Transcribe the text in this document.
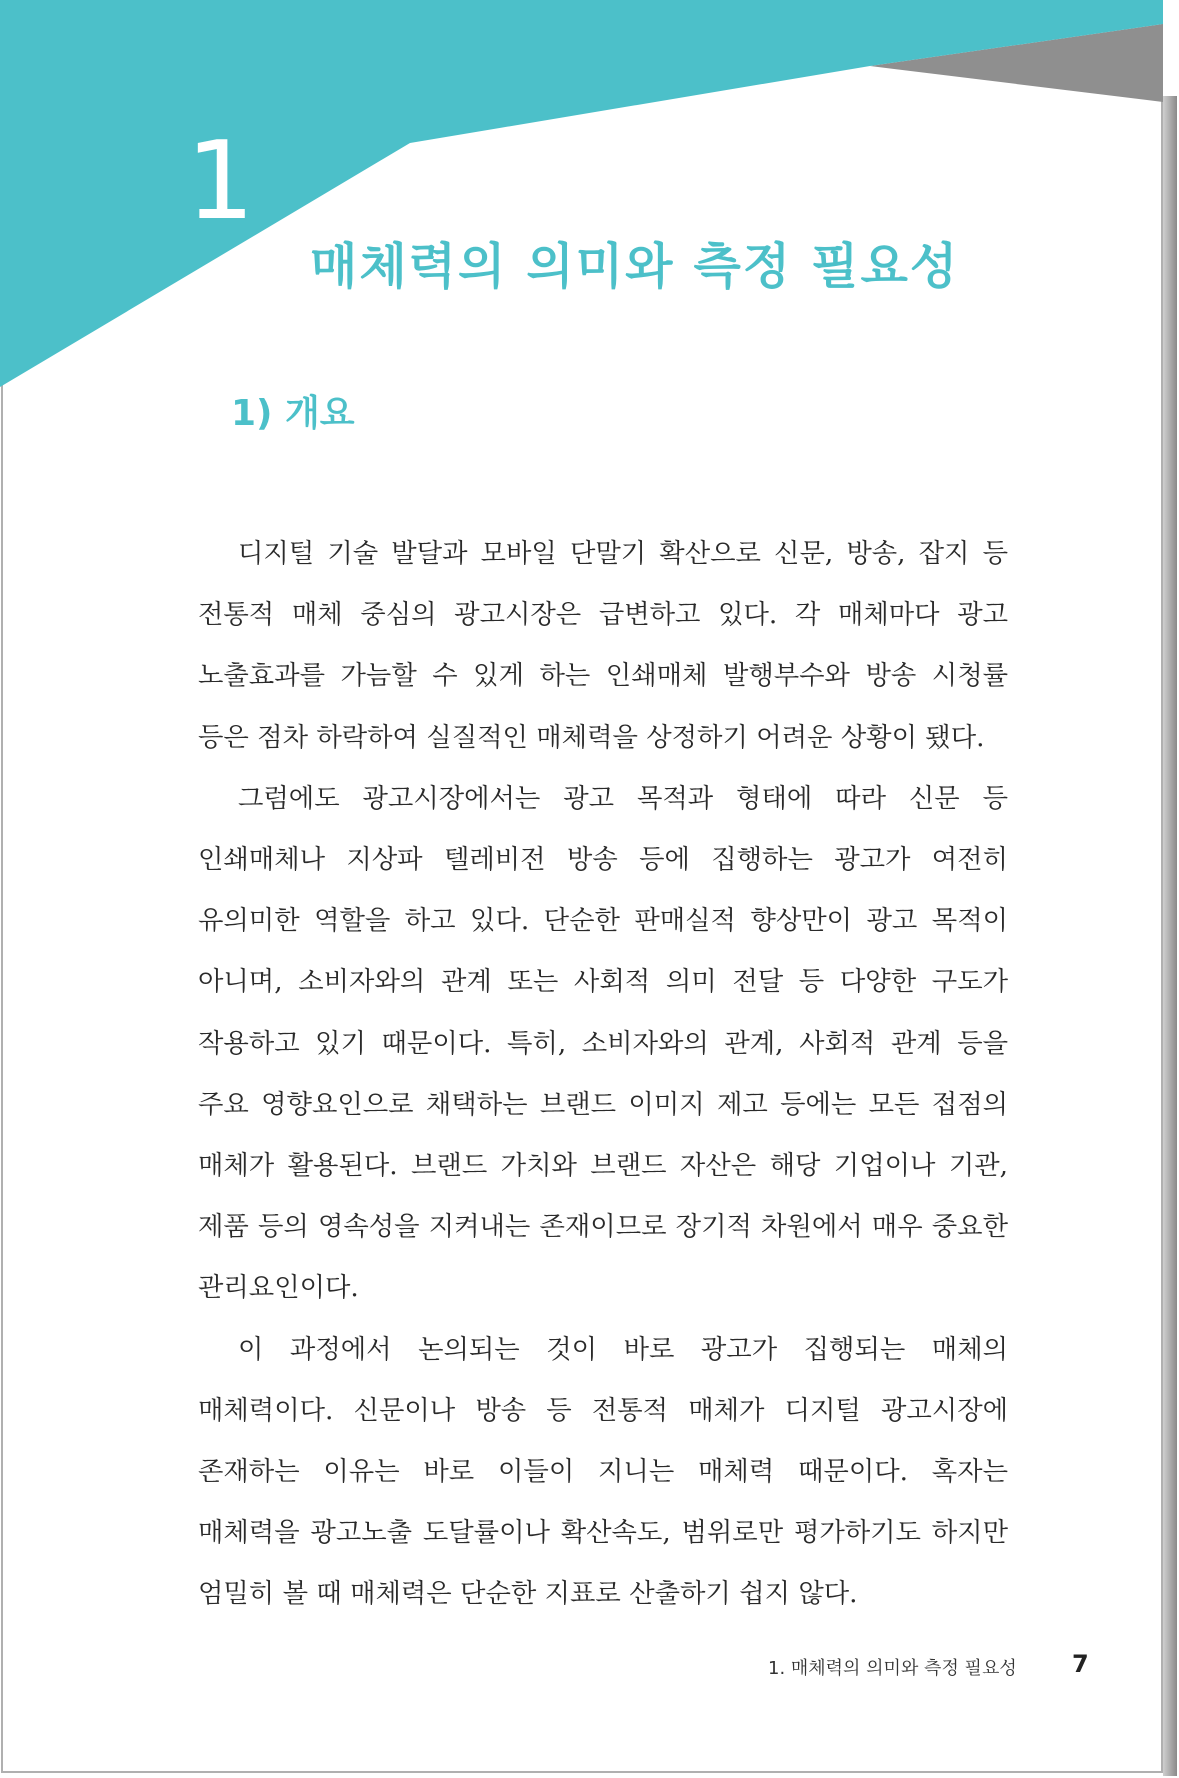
1
매체력의 의미와 측정 필요성
1) 개요

디지털 기술 발달과 모바일 단말기 확산으로 신문, 방송, 잡지 등 전통적 매체 중심의 광고시장은 급변하고 있다. 각 매체마다 광고 노출효과를 가늠할 수 있게 하는 인쇄매체 발행부수와 방송 시청률 등은 점차 하락하여 실질적인 매체력을 상정하기 어려운 상황이 됐다.

그럼에도 광고시장에서는 광고 목적과 형태에 따라 신문 등 인쇄매체나 지상파 텔레비전 방송 등에 집행하는 광고가 여전히 유의미한 역할을 하고 있다. 단순한 판매실적 향상만이 광고 목적이 아니며, 소비자와의 관계 또는 사회적 의미 전달 등 다양한 구도가 작용하고 있기 때문이다. 특히, 소비자와의 관계, 사회적 관계 등을 주요 영향요인으로 채택하는 브랜드 이미지 제고 등에는 모든 접점의 매체가 활용된다. 브랜드 가치와 브랜드 자산은 해당 기업이나 기관, 제품 등의 영속성을 지켜내는 존재이므로 장기적 차원에서 매우 중요한 관리요인이다.

이 과정에서 논의되는 것이 바로 광고가 집행되는 매체의 매체력이다. 신문이나 방송 등 전통적 매체가 디지털 광고시장에 존재하는 이유는 바로 이들이 지니는 매체력 때문이다. 혹자는 매체력을 광고노출 도달률이나 확산속도, 범위로만 평가하기도 하지만 엄밀히 볼 때 매체력은 단순한 지표로 산출하기 쉽지 않다.

1. 매체력의 의미와 측정 필요성 7
